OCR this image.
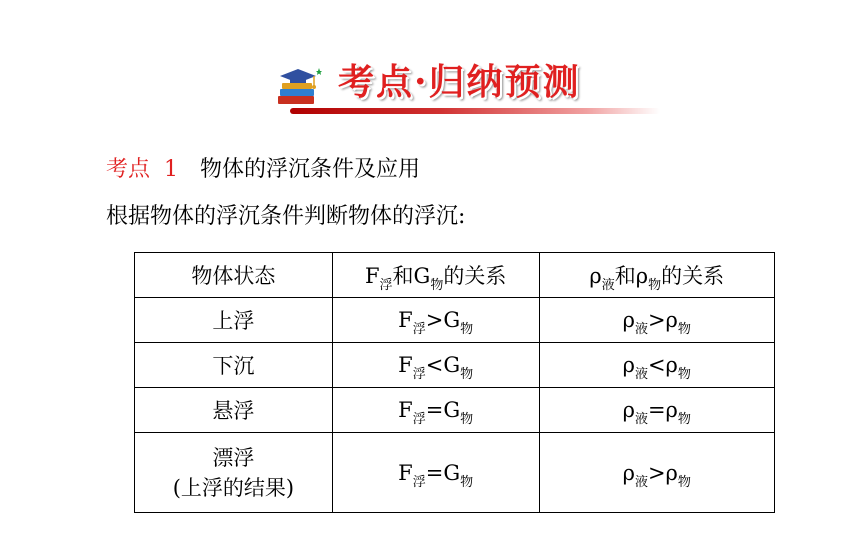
考点·归纳预测
考点 1 物体的浮沉条件及应用
根据物体的浮沉条件判断物体的浮沉:
物体状态	$F_浮$和$G_物$的关系	$\rho_液$和$\rho_物$的关系
上浮	$F_浮>G_物$	$\rho_液>\rho_物$
下沉	$F_浮<G_物$	$\rho_液<\rho_物$
悬浮	$F_浮=G_物$	$\rho_液=\rho_物$

漂浮
(上浮的结果)	$F_浮=G_物$	$\rho_液>\rho_物$
